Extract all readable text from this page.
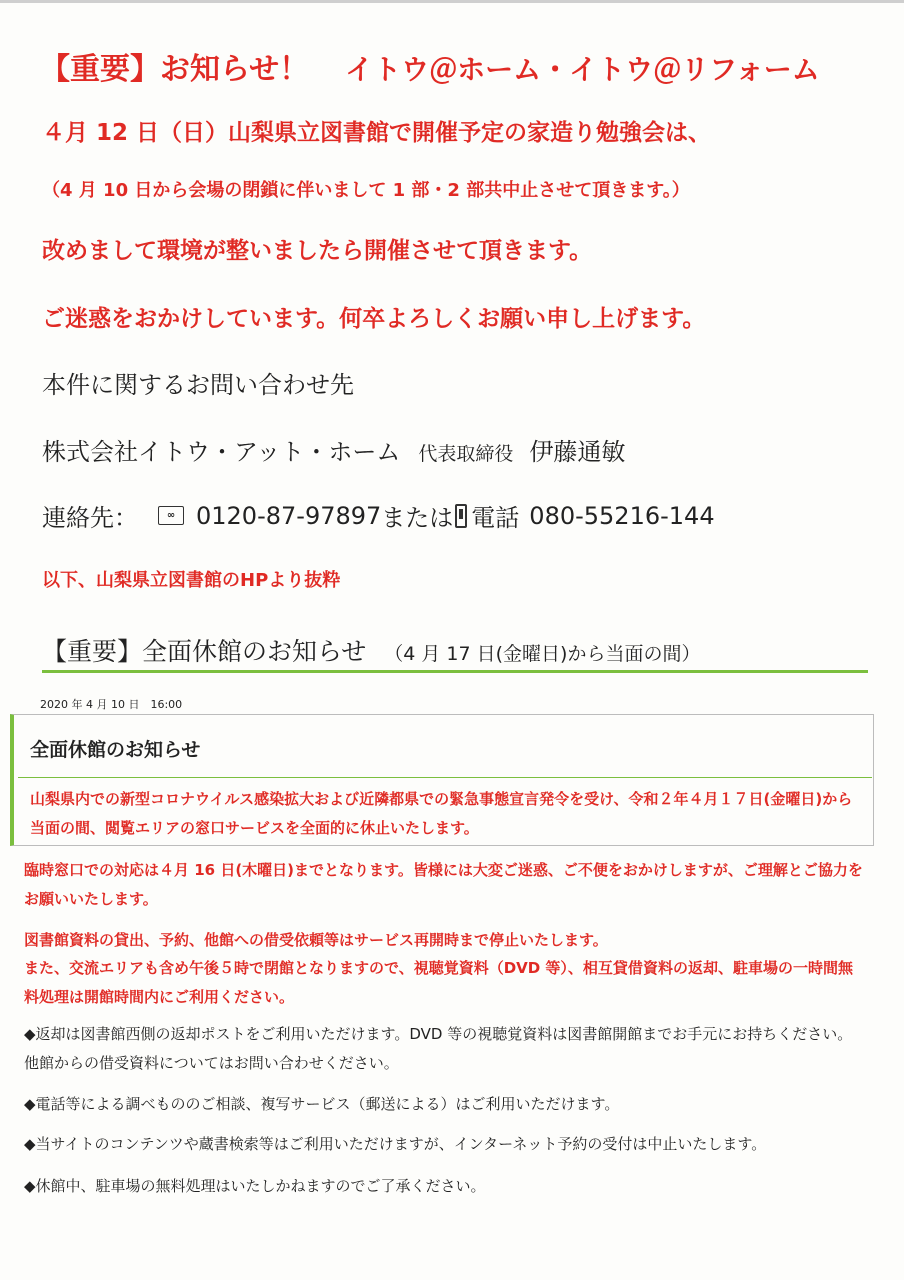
【重要】お知らせ！ イトウ＠ホーム・イトウ＠リフォーム
４月 12 日（日）山梨県立図書館で開催予定の家造り勉強会は、
（4 月 10 日から会場の閉鎖に伴いまして 1 部・2 部共中止させて頂きます。）
改めまして環境が整いましたら開催させて頂きます。
ご迷惑をおかけしています。何卒よろしくお願い申し上げます。
本件に関するお問い合わせ先
株式会社イトウ・アット・ホーム 代表取締役 伊藤通敏
連絡先：	∞ 0120-87-97897 または 電話 080-55216-144
以下、山梨県立図書館のHPより抜粋
【重要】全面休館のお知らせ （4 月 17 日(金曜日)から当面の間）
2020 年 4 月 10 日　16:00
全面休館のお知らせ
山梨県内での新型コロナウイルス感染拡大および近隣都県での緊急事態宣言発令を受け、令和２年４月１７日(金曜日)から当面の間、閲覧エリアの窓口サービスを全面的に休止いたします。
臨時窓口での対応は４月 16 日(木曜日)までとなります。皆様には大変ご迷惑、ご不便をおかけしますが、ご理解とご協力をお願いいたします。
図書館資料の貸出、予約、他館への借受依頼等はサービス再開時まで停止いたします。
また、交流エリアも含め午後５時で閉館となりますので、視聴覚資料（DVD 等）、相互貸借資料の返却、駐車場の一時間無料処理は開館時間内にご利用ください。
◆返却は図書館西側の返却ポストをご利用いただけます。DVD 等の視聴覚資料は図書館開館までお手元にお持ちください。他館からの借受資料についてはお問い合わせください。
◆電話等による調べもののご相談、複写サービス（郵送による）はご利用いただけます。
◆当サイトのコンテンツや蔵書検索等はご利用いただけますが、インターネット予約の受付は中止いたします。
◆休館中、駐車場の無料処理はいたしかねますのでご了承ください。
